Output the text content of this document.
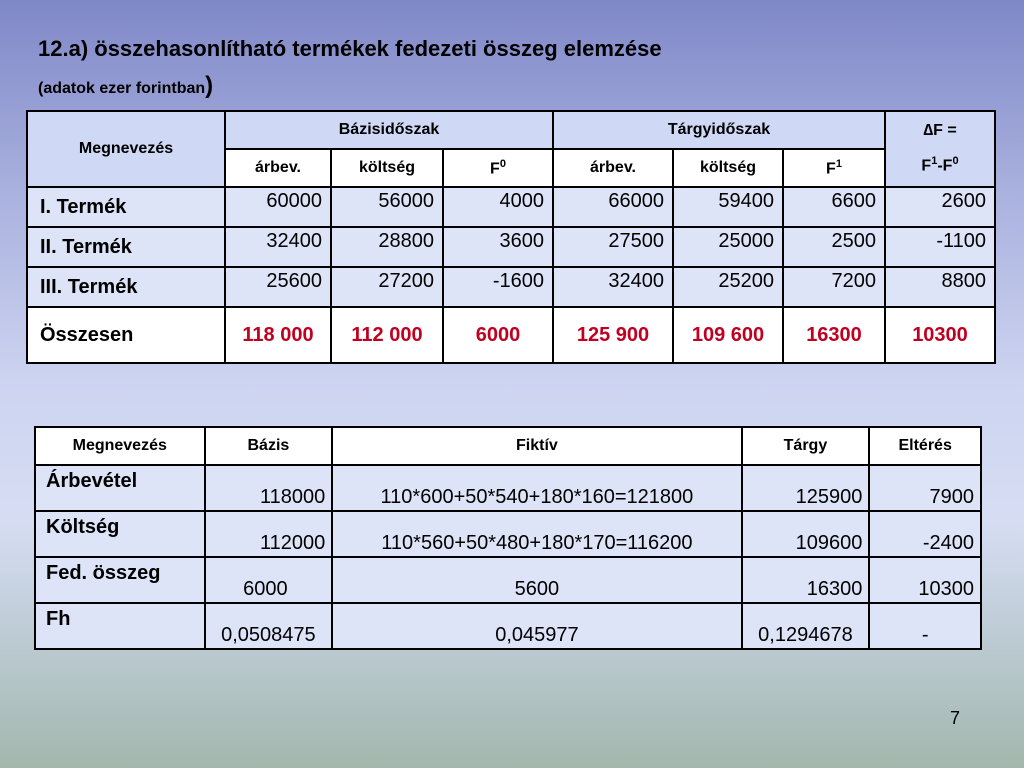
12.a) összehasonlítható termékek fedezeti összeg elemzése
(adatok ezer forintban)
Megnevezés	Bázisidőszak			Tárgyidőszak			∆F =
$F^1-F^0$
	árbev.	költség	$F^0$	árbev.	költség	$F^1$
I. Termék	60000	56000	4000	66000	59400	6600	2600
II. Termék	32400	28800	3600	27500	25000	2500	-1100
III. Termék	25600	27200	-1600	32400	25200	7200	8800
Összesen	118 000	112 000	6000	125 900	109 600	16300	10300
Megnevezés	Bázis	Fiktív	Tárgy	Eltérés
Árbevétel	118000	110*600+50*540+180*160=121800	125900	7900
Költség	112000	110*560+50*480+180*170=116200	109600	-2400
Fed. összeg	6000	5600	16300	10300
Fh	0,0508475	0,045977	0,1294678	-
7
